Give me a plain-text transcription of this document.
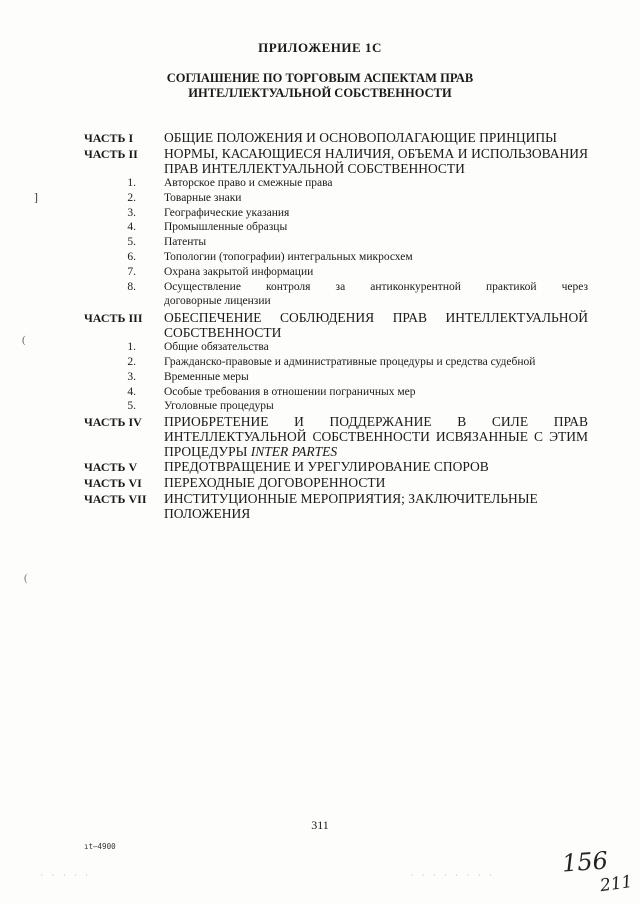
ПРИЛОЖЕНИЕ 1С
СОГЛАШЕНИЕ ПО ТОРГОВЫМ АСПЕКТАМ ПРАВ
ИНТЕЛЛЕКТУАЛЬНОЙ СОБСТВЕННОСТИ
ЧАСТЬ I	ОБЩИЕ ПОЛОЖЕНИЯ И ОСНОВОПОЛАГАЮЩИЕ ПРИНЦИПЫ
ЧАСТЬ II	НОРМЫ, КАСАЮЩИЕСЯ НАЛИЧИЯ, ОБЪЕМА И ИСПОЛЬЗОВАНИЯ
ПРАВ ИНТЕЛЛЕКТУАЛЬНОЙ СОБСТВЕННОСТИ
1.	Авторское право и смежные права
2.	Товарные знаки
3.	Географические указания
4.	Промышленные образцы
5.	Патенты
6.	Топологии (топографии) интегральных микросхем
7.	Охрана закрытой информации
8.	Осуществление контроля за антиконкурентной практикой через
договорные лицензии
ЧАСТЬ III	ОБЕСПЕЧЕНИЕ СОБЛЮДЕНИЯ ПРАВ ИНТЕЛЛЕКТУАЛЬНОЙ
СОБСТВЕННОСТИ
1.	Общие обязательства
2.	Гражданско-правовые и административные процедуры и средства судебной
3.	Временные меры
4.	Особые требования в отношении пограничных мер
5.	Уголовные процедуры
ЧАСТЬ IV	ПРИОБРЕТЕНИЕ И ПОДДЕРЖАНИЕ В СИЛЕ ПРАВ
ИНТЕЛЛЕКТУАЛЬНОЙ СОБСТВЕННОСТИ ИСВЯЗАННЫЕ С ЭТИМ
ПРОЦЕДУРЫ INTER PARTES
ЧАСТЬ V	ПРЕДОТВРАЩЕНИЕ И УРЕГУЛИРОВАНИЕ СПОРОВ
ЧАСТЬ VI	ПЕРЕХОДНЫЕ ДОГОВОРЕННОСТИ
ЧАСТЬ VII	ИНСТИТУЦИОННЫЕ МЕРОПРИЯТИЯ; ЗАКЛЮЧИТЕЛЬНЫЕ
ПОЛОЖЕНИЯ
]
(
(
311
ıt—4900
· · · · ·	· · · · · · · ·	156
211
